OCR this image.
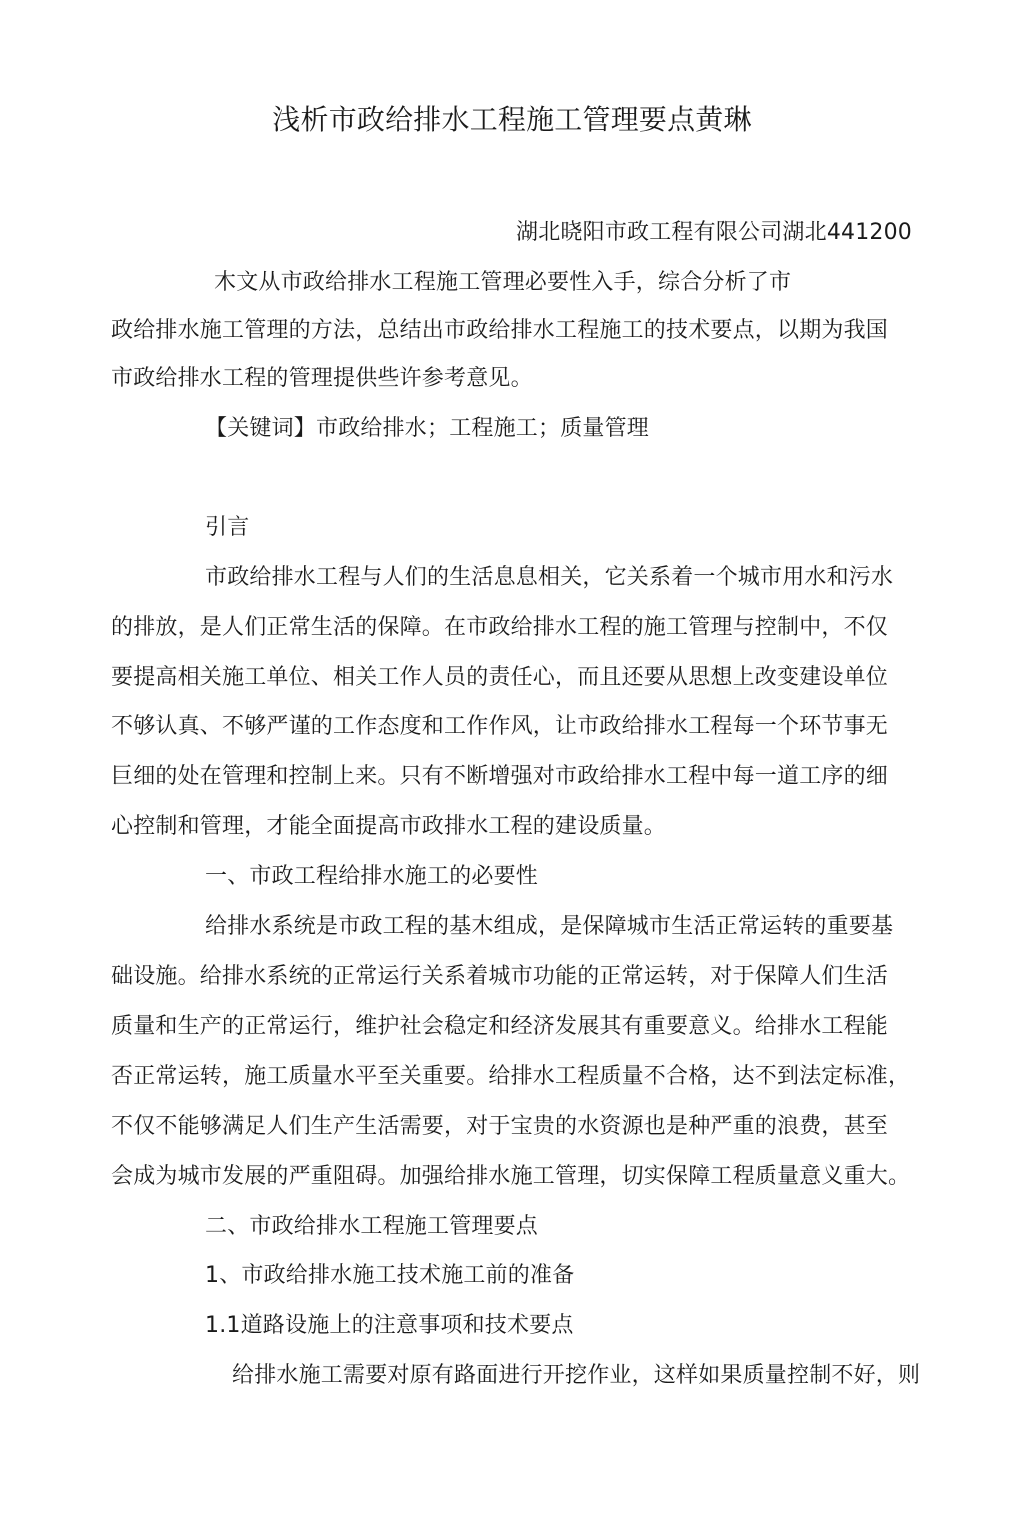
浅析市政给排水工程施工管理要点黄琳
湖北晓阳市政工程有限公司湖北441200
木文从市政给排水工程施工管理必要性入手，综合分析了市
政给排水施工管理的方法，总结出市政给排水工程施工的技术要点，以期为我国
市政给排水工程的管理提供些许参考意见。
【关键词】市政给排水；工程施工；质量管理
引言
市政给排水工程与人们的生活息息相关，它关系着一个城市用水和污水
的排放，是人们正常生活的保障。在市政给排水工程的施工管理与控制中，不仅
要提高相关施工单位、相关工作人员的责任心，而且还要从思想上改变建设单位
不够认真、不够严谨的工作态度和工作作风，让市政给排水工程每一个环节事无
巨细的处在管理和控制上来。只有不断增强对市政给排水工程中每一道工序的细
心控制和管理，才能全面提高市政排水工程的建设质量。
一、市政工程给排水施工的必要性
给排水系统是市政工程的基木组成，是保障城市生活正常运转的重要基
础设施。给排水系统的正常运行关系着城市功能的正常运转，对于保障人们生活
质量和生产的正常运行，维护社会稳定和经济发展其有重要意义。给排水工程能
否正常运转，施工质量水平至关重要。给排水工程质量不合格，达不到法定标准，
不仅不能够满足人们生产生活需要，对于宝贵的水资源也是种严重的浪费，甚至
会成为城市发展的严重阻碍。加强给排水施工管理，切实保障工程质量意义重大。
二、市政给排水工程施工管理要点
1、市政给排水施工技术施工前的准备
1.1道路设施上的注意事项和技术要点
给排水施工需要对原有路面进行开挖作业，这样如果质量控制不好，则
